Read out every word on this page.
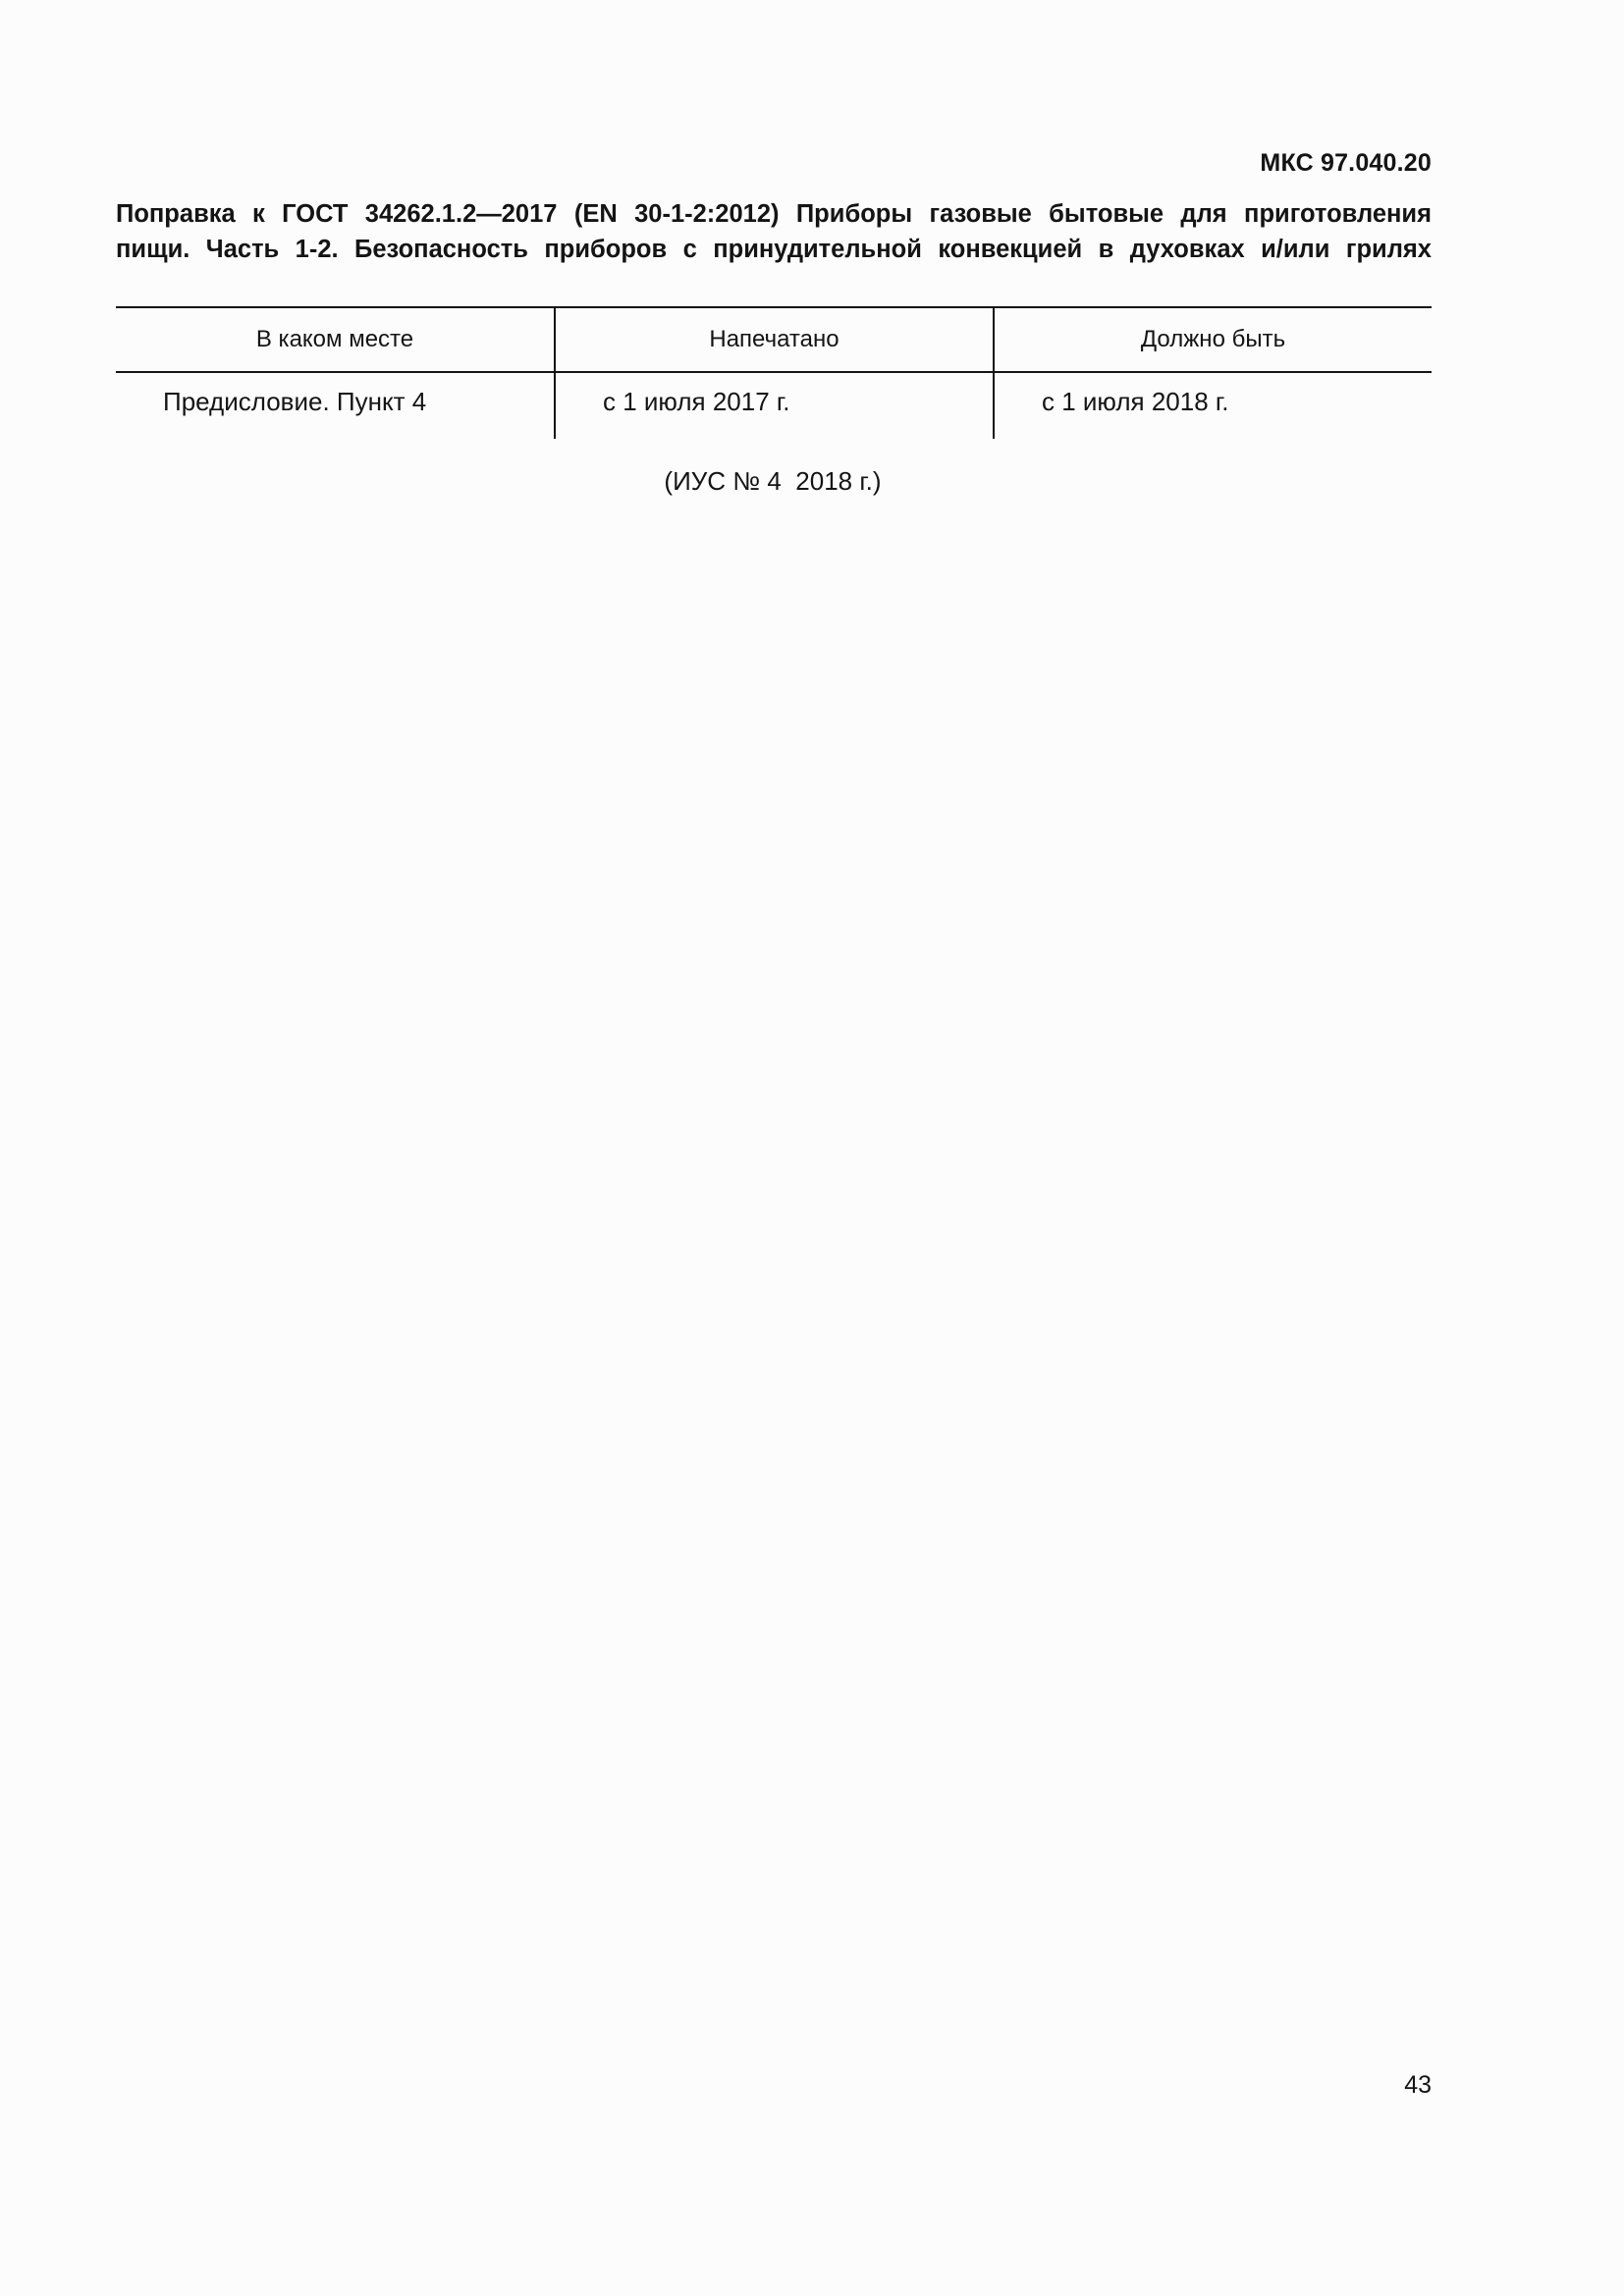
МКС 97.040.20
Поправка к ГОСТ 34262.1.2—2017 (EN 30-1-2:2012) Приборы газовые бытовые для приготовления
пищи. Часть 1-2. Безопасность приборов с принудительной конвекцией в духовках и/или грилях
В каком месте	Напечатано	Должно быть
Предисловие. Пункт 4	с 1 июля 2017 г.	с 1 июля 2018 г.
(ИУС № 4  2018 г.)
43
